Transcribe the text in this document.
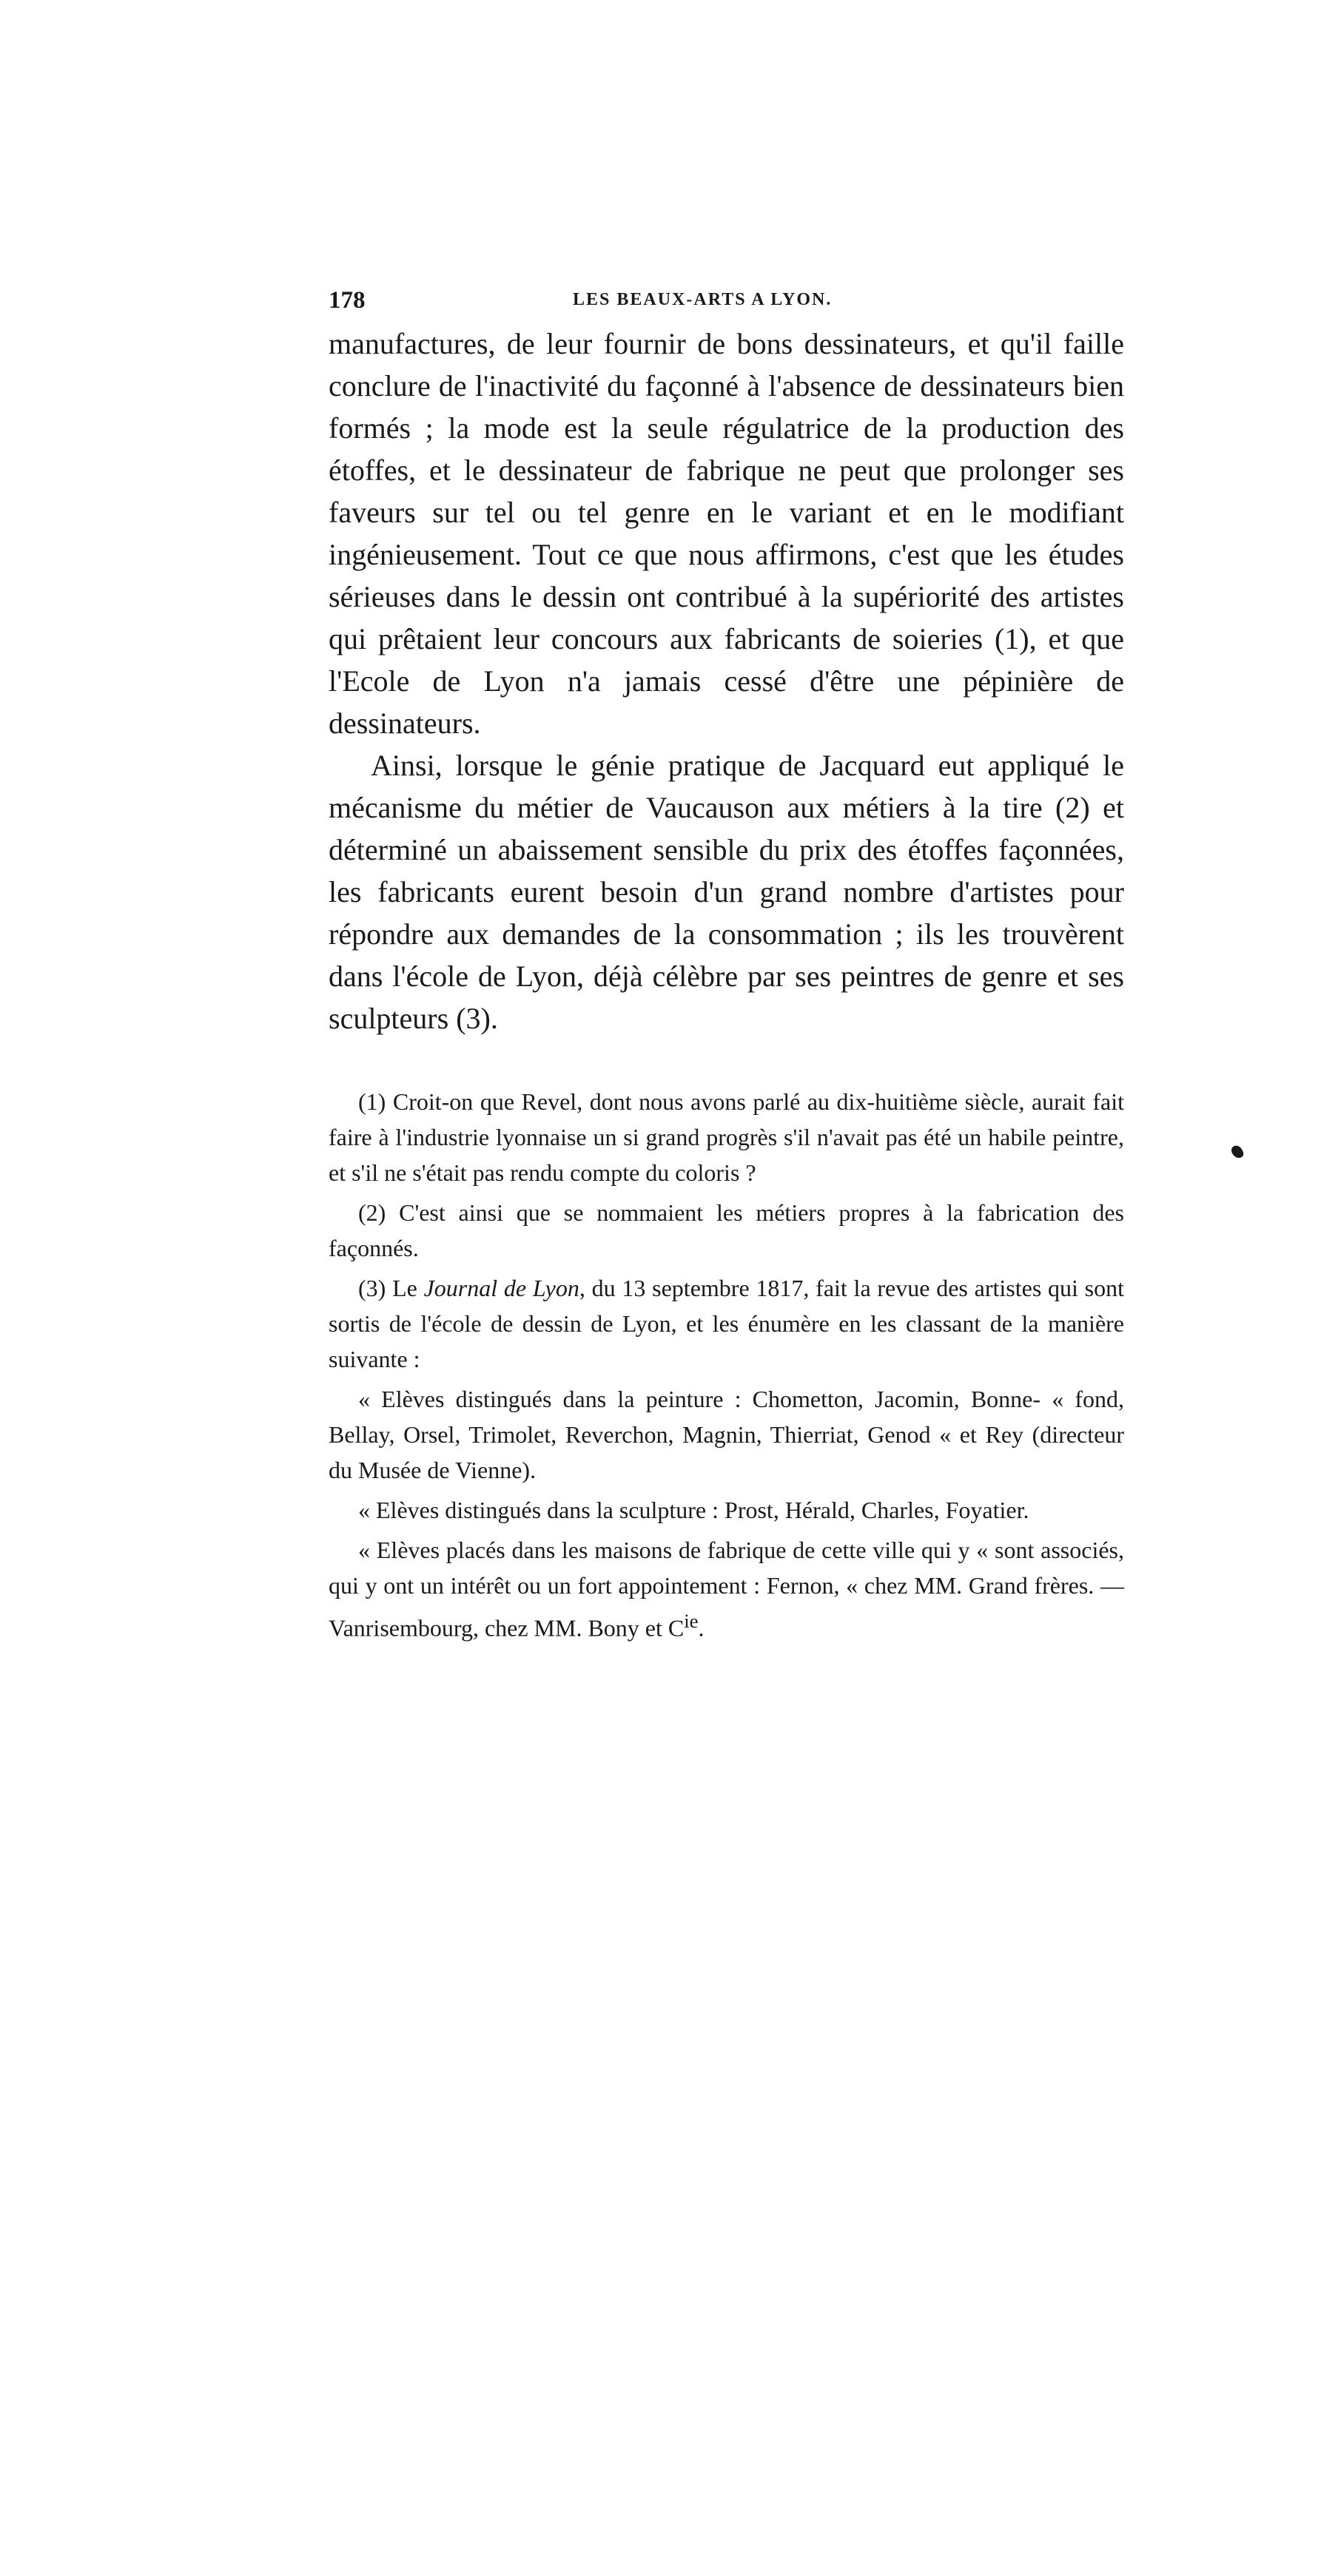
178	LES BEAUX-ARTS A LYON.

manufactures, de leur fournir de bons dessinateurs, et qu'il faille conclure de l'inactivité du façonné à l'absence de dessinateurs bien formés ; la mode est la seule régulatrice de la production des étoffes, et le dessinateur de fabrique ne peut que prolonger ses faveurs sur tel ou tel genre en le variant et en le modifiant ingénieusement. Tout ce que nous affirmons, c'est que les études sérieuses dans le dessin ont contribué à la supériorité des artistes qui prêtaient leur concours aux fabricants de soieries (1), et que l'Ecole de Lyon n'a jamais cessé d'être une pépinière de dessinateurs.

Ainsi, lorsque le génie pratique de Jacquard eut appliqué le mécanisme du métier de Vaucauson aux métiers à la tire (2) et déterminé un abaissement sensible du prix des étoffes façonnées, les fabricants eurent besoin d'un grand nombre d'artistes pour répondre aux demandes de la consommation ; ils les trouvèrent dans l'école de Lyon, déjà célèbre par ses peintres de genre et ses sculpteurs (3).

(1) Croit-on que Revel, dont nous avons parlé au dix-huitième siècle, aurait fait faire à l'industrie lyonnaise un si grand progrès s'il n'avait pas été un habile peintre, et s'il ne s'était pas rendu compte du coloris ?

(2) C'est ainsi que se nommaient les métiers propres à la fabrication des façonnés.

(3) Le Journal de Lyon, du 13 septembre 1817, fait la revue des artistes qui sont sortis de l'école de dessin de Lyon, et les énumère en les classant de la manière suivante :

« Elèves distingués dans la peinture : Chometton, Jacomin, Bonne- « fond, Bellay, Orsel, Trimolet, Reverchon, Magnin, Thierriat, Genod « et Rey (directeur du Musée de Vienne).

« Elèves distingués dans la sculpture : Prost, Hérald, Charles, Foyatier.

« Elèves placés dans les maisons de fabrique de cette ville qui y « sont associés, qui y ont un intérêt ou un fort appointement : Fernon, « chez MM. Grand frères. — Vanrisembourg, chez MM. Bony et $C^{ie}$.
